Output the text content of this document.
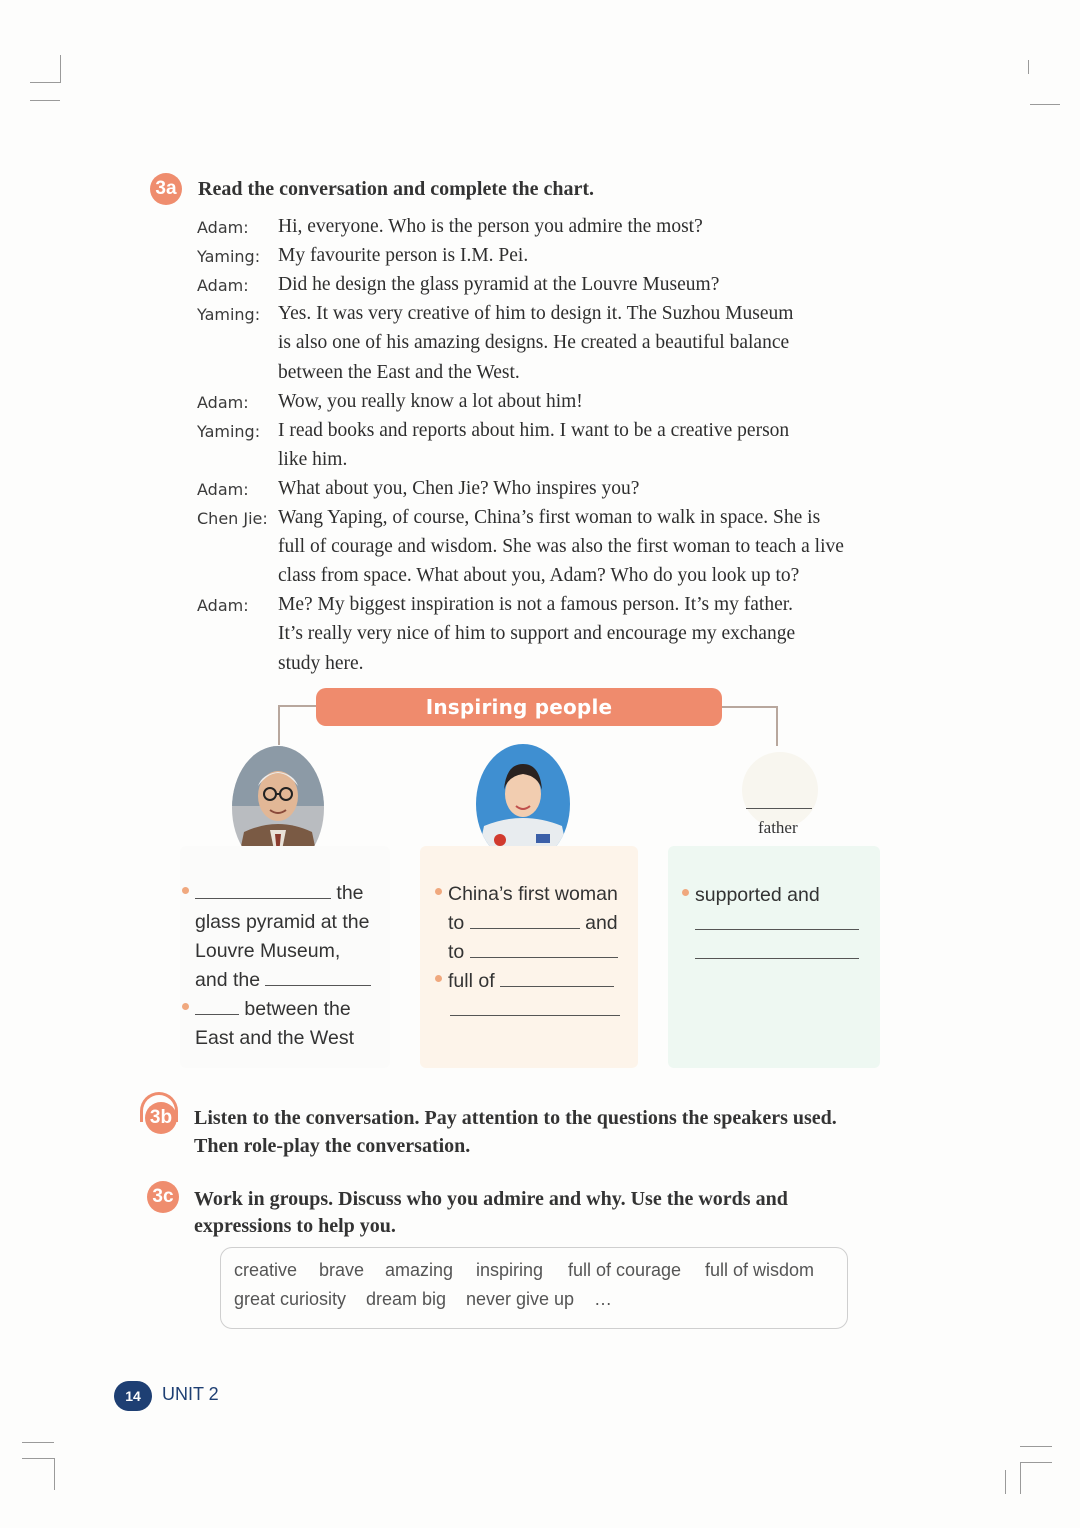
3a Read the conversation and complete the chart.
Adam: Hi, everyone. Who is the person you admire the most?
Yaming: My favourite person is I.M. Pei.
Adam: Did he design the glass pyramid at the Louvre Museum?
Yaming: Yes. It was very creative of him to design it. The Suzhou Museum
is also one of his amazing designs. He created a beautiful balance
between the East and the West.
Adam: Wow, you really know a lot about him!
Yaming: I read books and reports about him. I want to be a creative person
like him.
Adam: What about you, Chen Jie? Who inspires you?
Chen Jie: Wang Yaping, of course, China’s first woman to walk in space. She is
full of courage and wisdom. She was also the first woman to teach a live
class from space. What about you, Adam? Who do you look up to?
Adam: Me? My biggest inspiration is not a famous person. It’s my father.
It’s really very nice of him to support and encourage my exchange
study here.
Inspiring people
father
the
glass pyramid at the
Louvre Museum,
and the
between the
East and the West
China’s first woman
to	and
to
full of
supported and
3b Listen to the conversation. Pay attention to the questions the speakers used.
Then role-play the conversation.
3c Work in groups. Discuss who you admire and why. Use the words and
expressions to help you.
creative brave amazing inspiring full of courage full of wisdom
great curiosity dream big never give up …
14	UNIT 2
